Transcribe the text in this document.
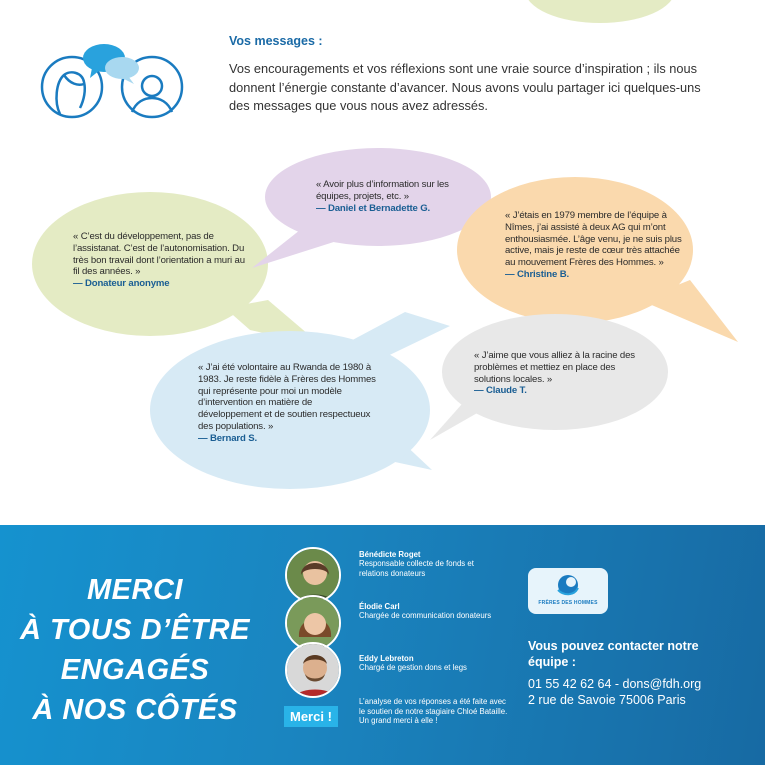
Vos messages :
Vos encouragements et vos réflexions sont une vraie source d’inspiration ; ils nous donnent l’énergie constante d’avancer. Nous avons voulu partager ici quelques-uns des messages que vous nous avez adressés.
« C’est du développement, pas de l’assistanat. C’est de l’autonomisation. Du très bon travail dont l’orientation a muri au fil des années. »
— Donateur anonyme
« Avoir plus d’information sur les équipes, projets, etc. »
— Daniel et Bernadette G.
« J’étais en 1979 membre de l’équipe à Nîmes, j’ai assisté à deux AG qui m’ont enthousiasmée. L’âge venu, je ne suis plus active, mais je reste de cœur très attachée au mouvement Frères des Hommes. »
— Christine B.
« J’ai été volontaire au Rwanda de 1980 à 1983. Je reste fidèle à Frères des Hommes qui représente pour moi un modèle d’intervention en matière de développement et de soutien respectueux des populations. »
— Bernard S.
« J’aime que vous alliez à la racine des problèmes et mettiez en place des solutions locales. »
— Claude T.
MERCI
À TOUS D’ÊTRE
ENGAGÉS
À NOS CÔTÉS
Bénédicte Roget
Responsable collecte de fonds et relations donateurs
Élodie Carl
Chargée de communication donateurs
Eddy Lebreton
Chargé de gestion dons et legs
Merci !
L’analyse de vos réponses a été faite avec le soutien de notre stagiaire Chloé Bataille. Un grand merci à elle !
FRÈRES DES HOMMES
Vous pouvez contacter notre équipe :
01 55 42 62 64 - dons@fdh.org
2 rue de Savoie 75006 Paris
